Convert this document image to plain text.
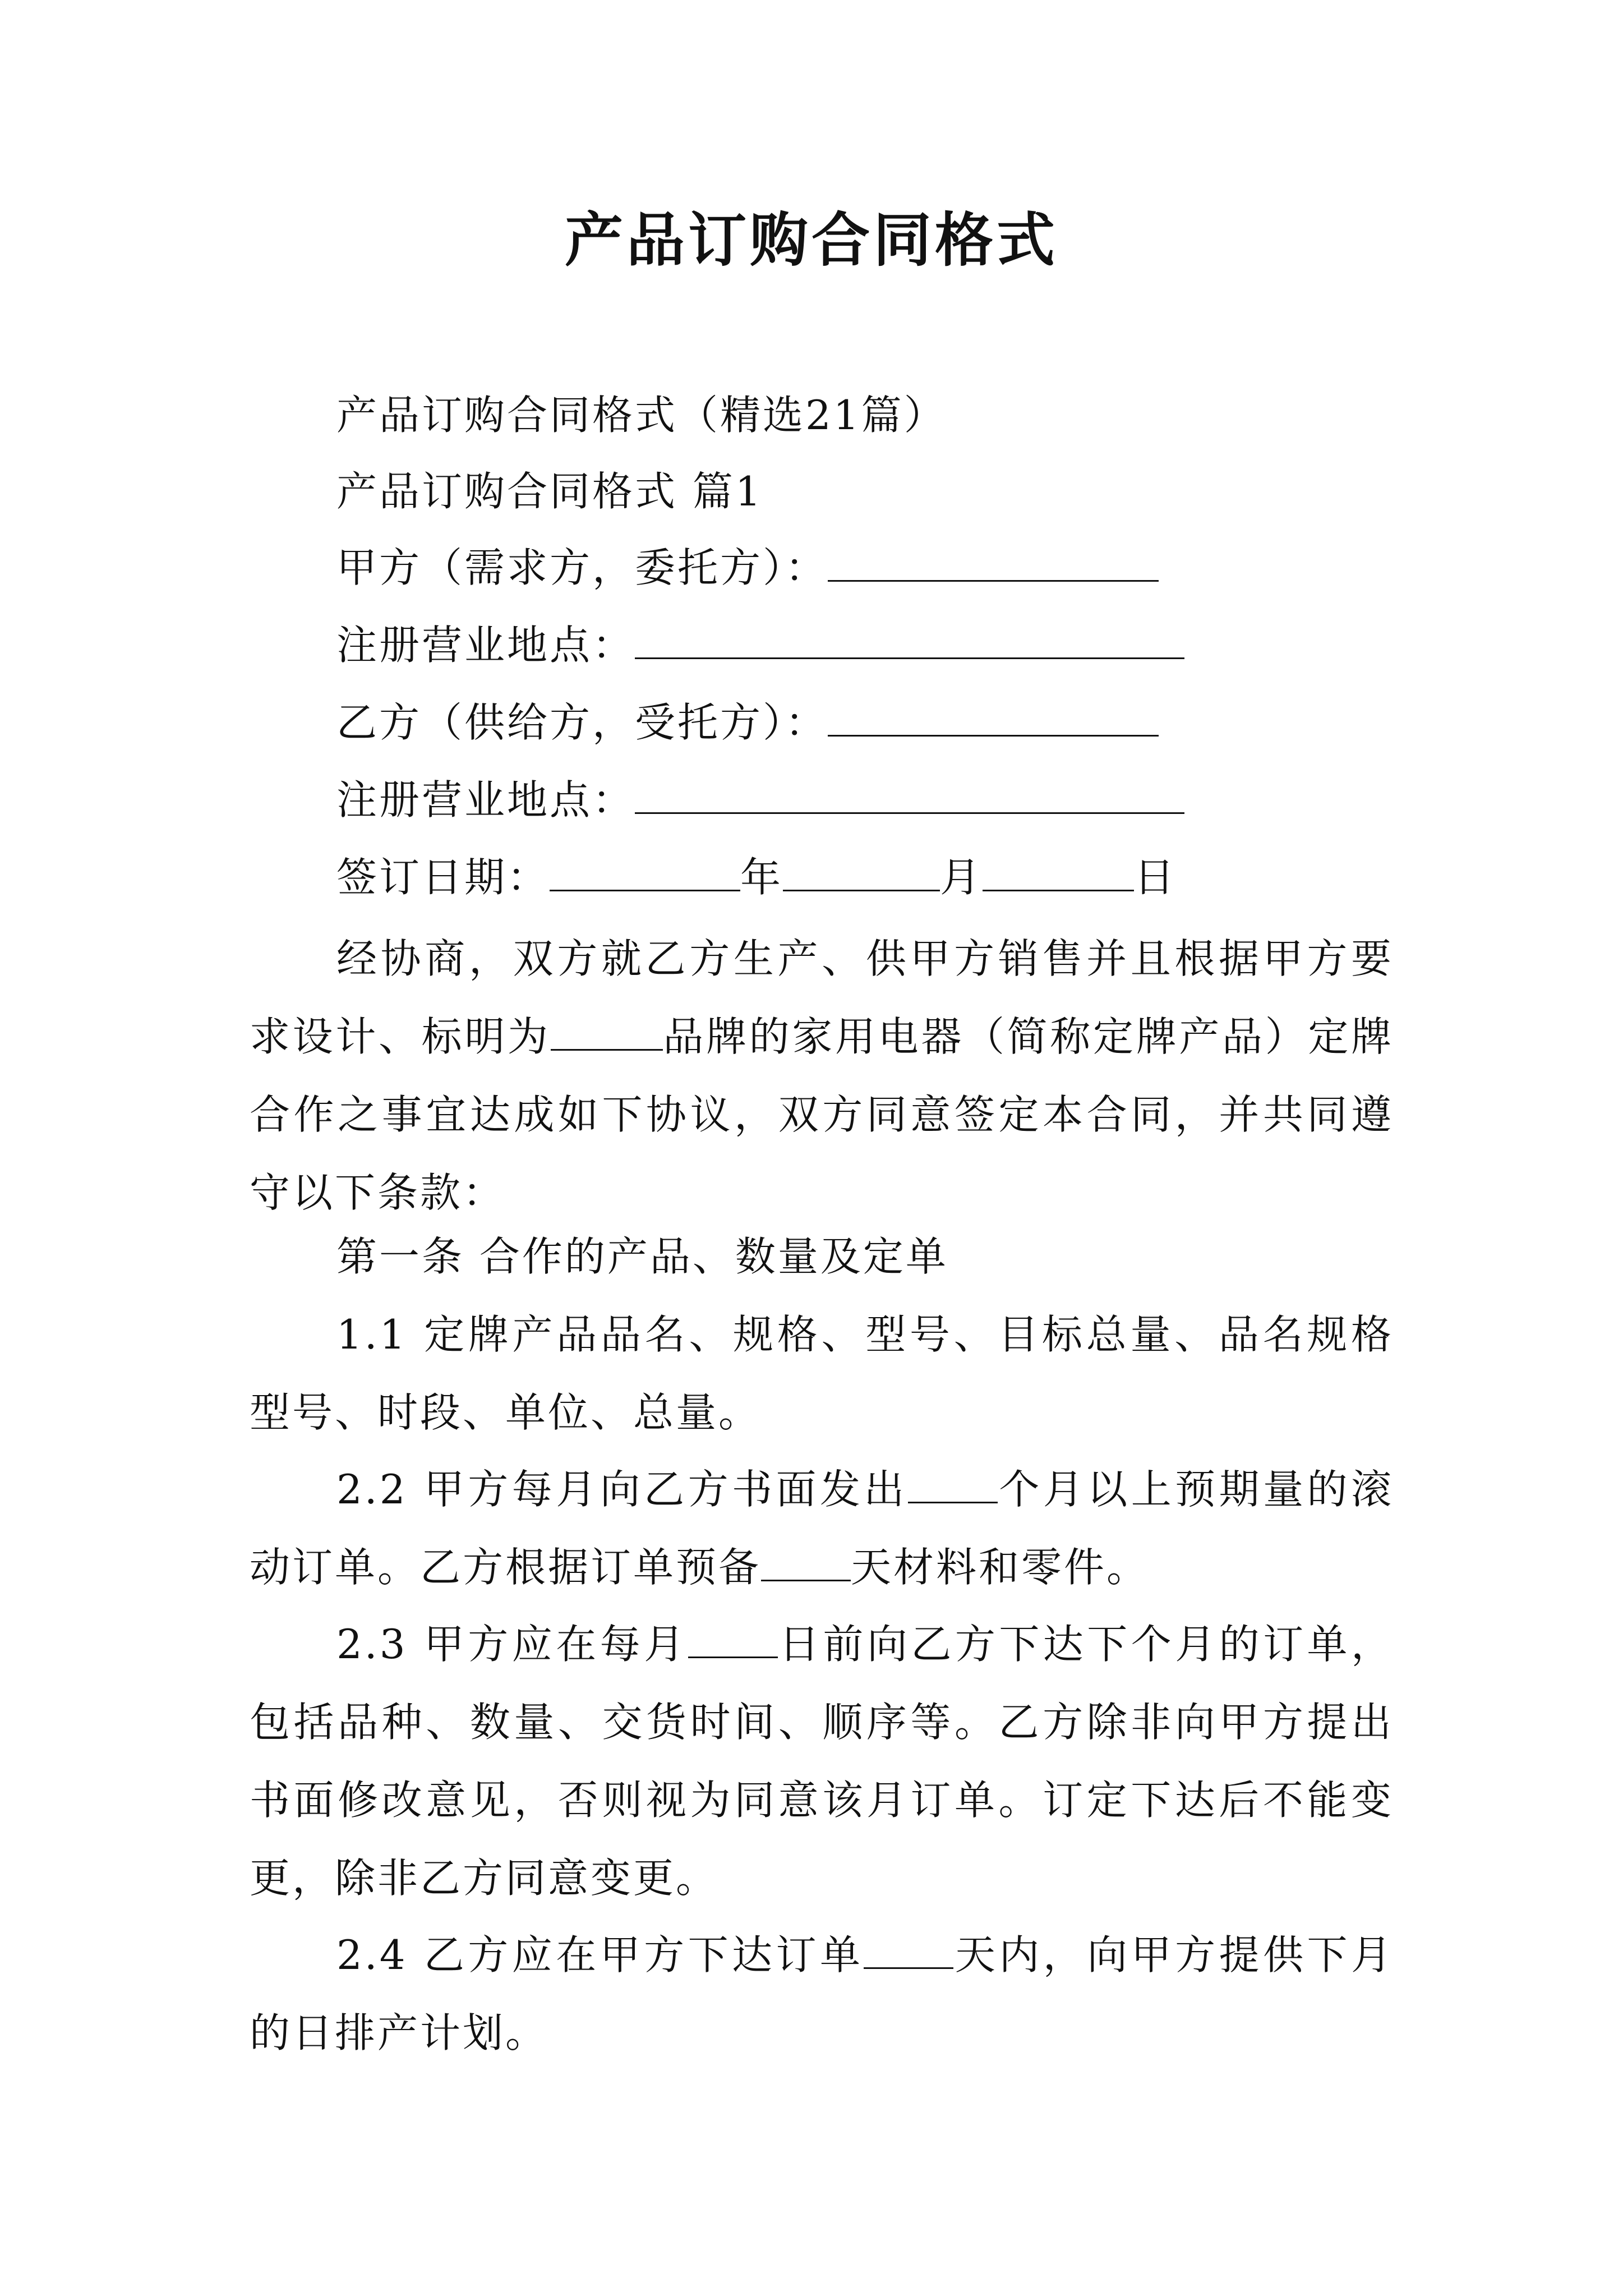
产品订购合同格式
产品订购合同格式（精选21篇）
产品订购合同格式 篇1
甲方（需求方，委托方）：
注册营业地点：
乙方（供给方，受托方）：
注册营业地点：
签订日期：	年	月	日

经协商，双方就乙方生产、供甲方销售并且根据甲方要求设计、标明为	品牌的家用电器（简称定牌产品）定牌合作之事宜达成如下协议，双方同意签定本合同，并共同遵守以下条款：

第一条 合作的产品、数量及定单

1.1 定牌产品品名、规格、型号、目标总量、品名规格型号、时段、单位、总量。

2.2 甲方每月向乙方书面发出 个月以上预期量的滚动订单。乙方根据订单预备 天材料和零件。

2.3 甲方应在每月 日前向乙方下达下个月的订单，包括品种、数量、交货时间、顺序等。乙方除非向甲方提出书面修改意见，否则视为同意该月订单。订定下达后不能变更，除非乙方同意变更。

2.4 乙方应在甲方下达订单 天内，向甲方提供下月的日排产计划。
